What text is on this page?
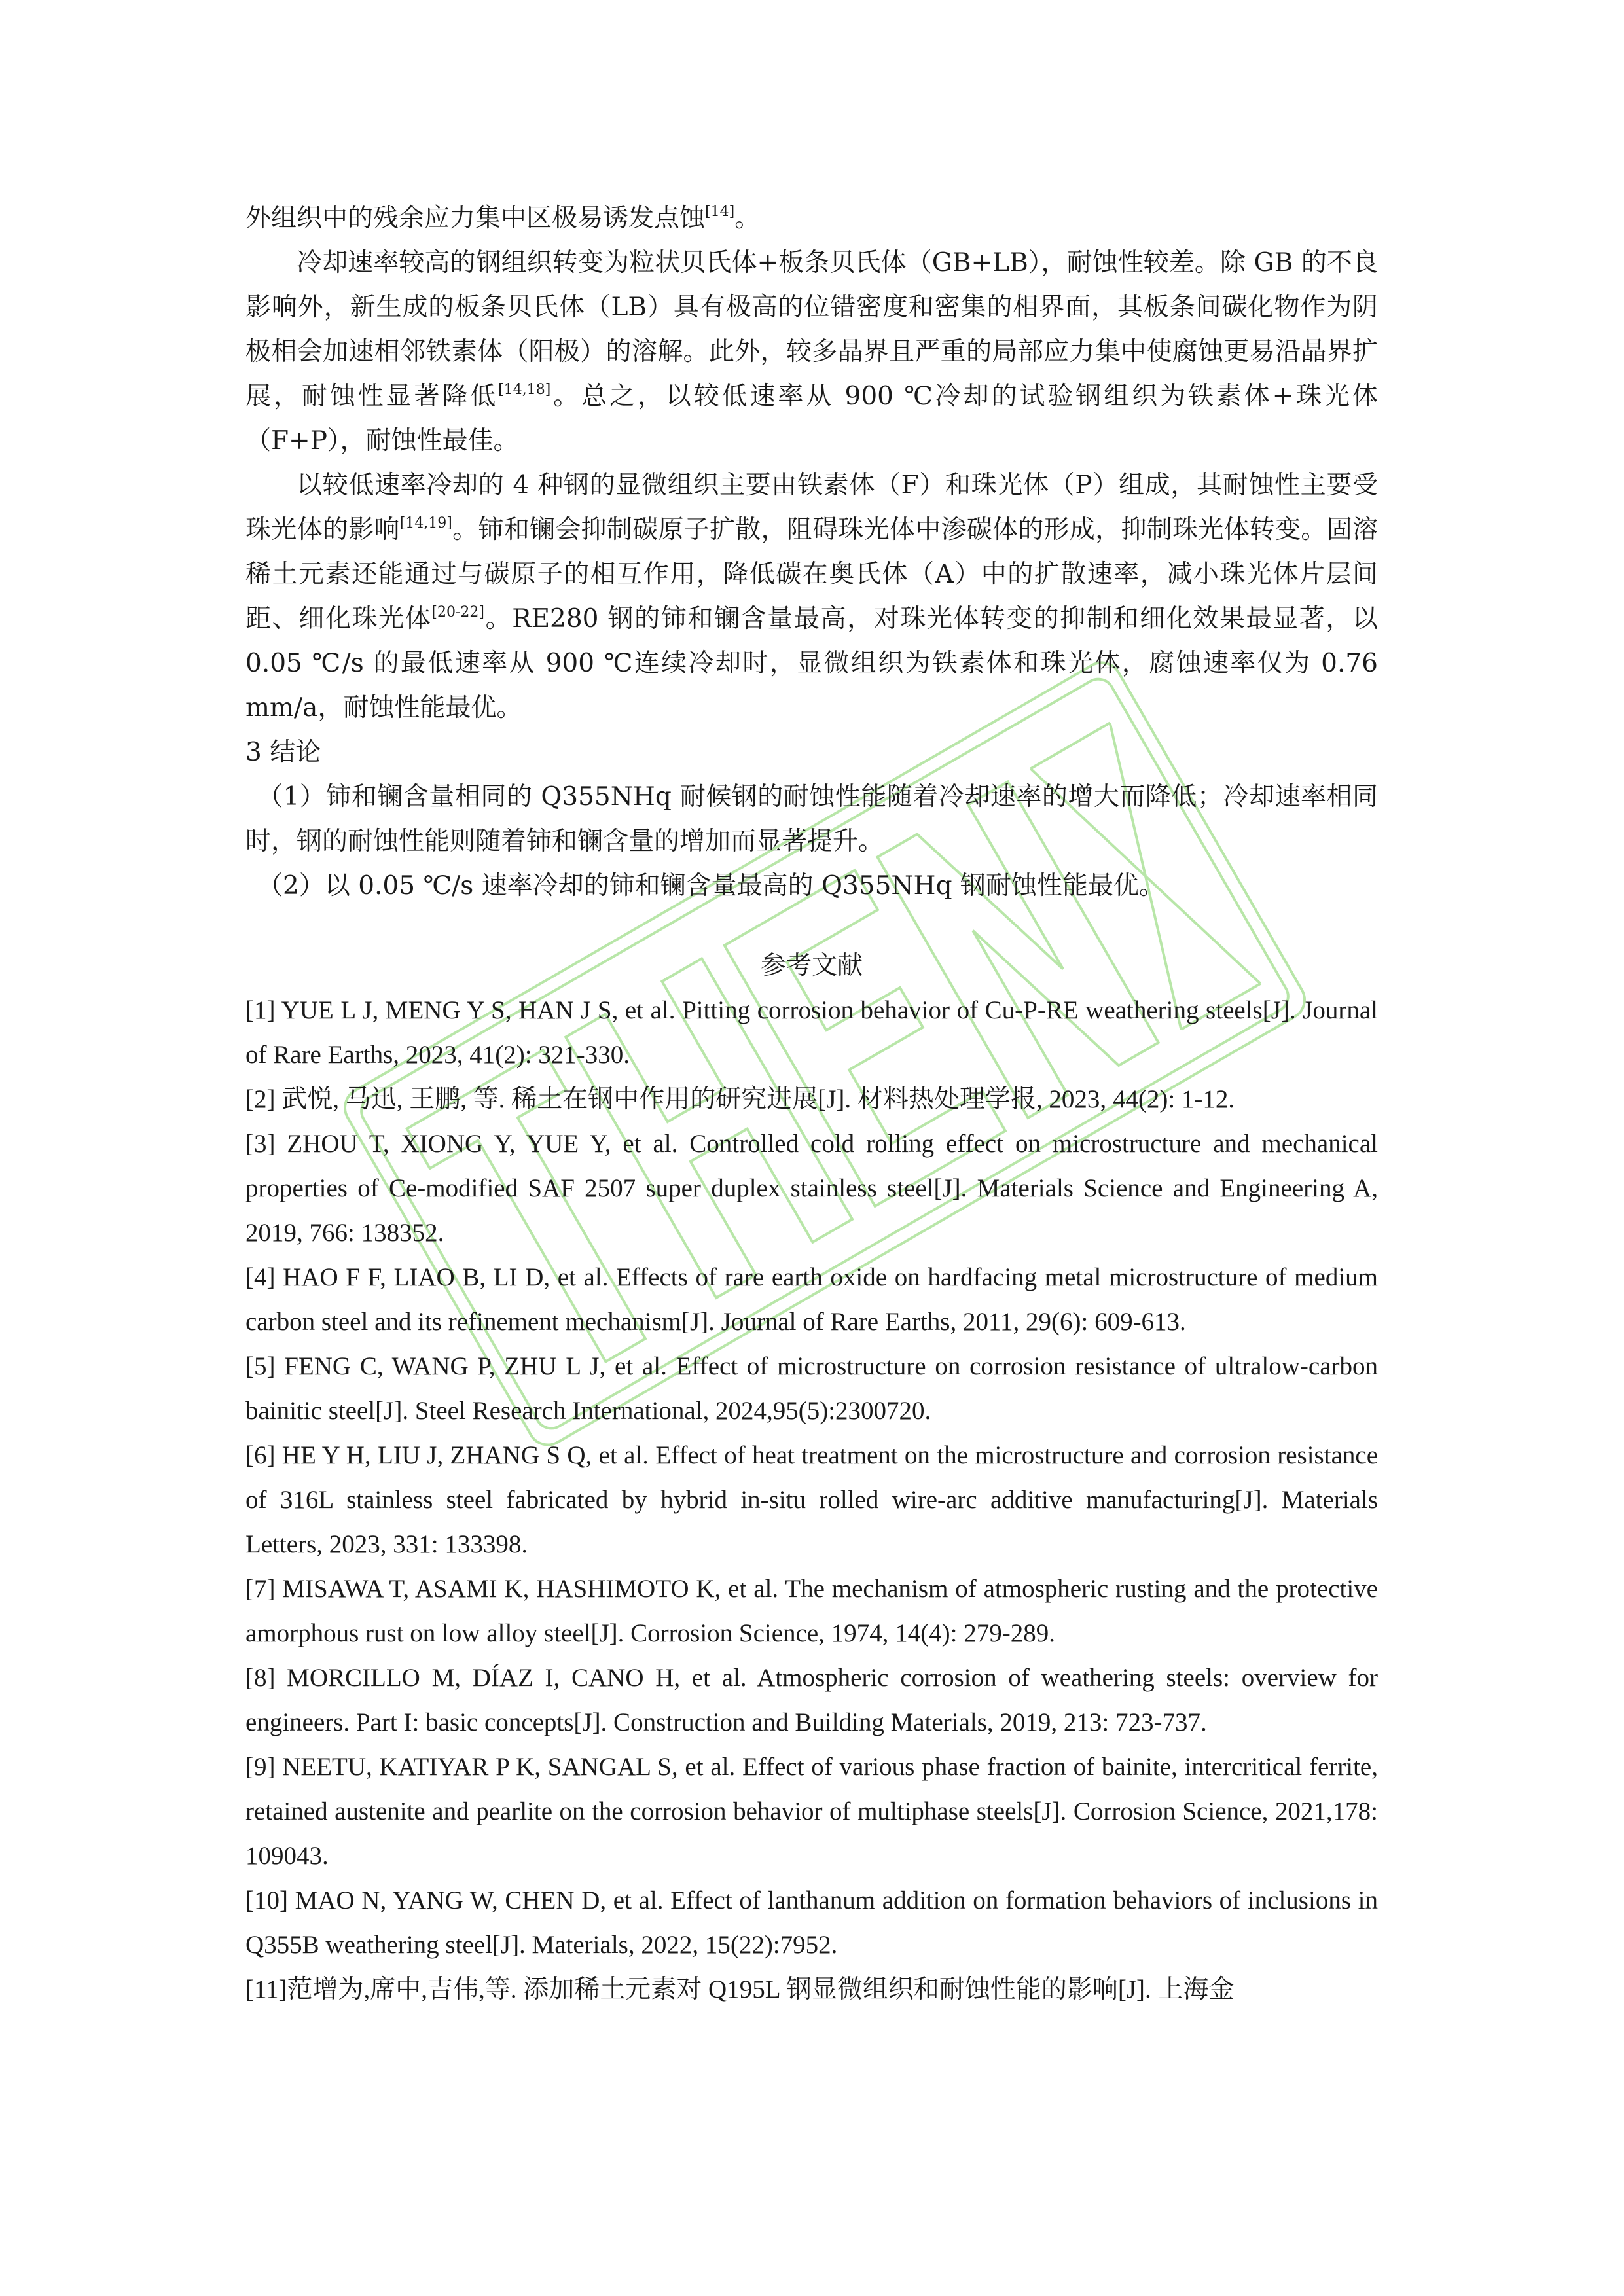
外组织中的残余应力集中区极易诱发点蚀[14]。

冷却速率较高的钢组织转变为粒状贝氏体+板条贝氏体（GB+LB），耐蚀性较差。除 GB 的不良影响外，新生成的板条贝氏体（LB）具有极高的位错密度和密集的相界面，其板条间碳化物作为阴极相会加速相邻铁素体（阳极）的溶解。此外，较多晶界且严重的局部应力集中使腐蚀更易沿晶界扩展，耐蚀性显著降低[14,18]。总之，以较低速率从 900 ℃冷却的试验钢组织为铁素体+珠光体（F+P），耐蚀性最佳。

以较低速率冷却的 4 种钢的显微组织主要由铁素体（F）和珠光体（P）组成，其耐蚀性主要受珠光体的影响[14,19]。铈和镧会抑制碳原子扩散，阻碍珠光体中渗碳体的形成，抑制珠光体转变。固溶稀土元素还能通过与碳原子的相互作用，降低碳在奥氏体（A）中的扩散速率，减小珠光体片层间距、细化珠光体[20-22]。RE280 钢的铈和镧含量最高，对珠光体转变的抑制和细化效果最显著，以 0.05 ℃/s 的最低速率从 900 ℃连续冷却时，显微组织为铁素体和珠光体，腐蚀速率仅为 0.76 mm/a，耐蚀性能最优。

3 结论

（1）铈和镧含量相同的 Q355NHq 耐候钢的耐蚀性能随着冷却速率的增大而降低；冷却速率相同时，钢的耐蚀性能则随着铈和镧含量的增加而显著提升。

（2）以 0.05 ℃/s 速率冷却的铈和镧含量最高的 Q355NHq 钢耐蚀性能最优。

参考文献

[1] YUE L J, MENG Y S, HAN J S, et al. Pitting corrosion behavior of Cu-P-RE weathering steels[J]. Journal of Rare Earths, 2023, 41(2): 321-330.

[2] 武悦, 马迅, 王鹏, 等. 稀土在钢中作用的研究进展[J]. 材料热处理学报, 2023, 44(2): 1-12.

[3] ZHOU T, XIONG Y, YUE Y, et al. Controlled cold rolling effect on microstructure and mechanical properties of Ce-modified SAF 2507 super duplex stainless steel[J]. Materials Science and Engineering A, 2019, 766: 138352.

[4] HAO F F, LIAO B, LI D, et al. Effects of rare earth oxide on hardfacing metal microstructure of medium carbon steel and its refinement mechanism[J]. Journal of Rare Earths, 2011, 29(6): 609-613.

[5] FENG C, WANG P, ZHU L J, et al. Effect of microstructure on corrosion resistance of ultralow‐carbon bainitic steel[J]. Steel Research International, 2024,95(5):2300720.

[6] HE Y H, LIU J, ZHANG S Q, et al. Effect of heat treatment on the microstructure and corrosion resistance of 316L stainless steel fabricated by hybrid in-situ rolled wire-arc additive manufacturing[J]. Materials Letters, 2023, 331: 133398.

[7] MISAWA T, ASAMI K, HASHIMOTO K, et al. The mechanism of atmospheric rusting and the protective amorphous rust on low alloy steel[J]. Corrosion Science, 1974, 14(4): 279-289.

[8] MORCILLO M, DÍAZ I, CANO H, et al. Atmospheric corrosion of weathering steels: overview for engineers. Part I: basic concepts[J]. Construction and Building Materials, 2019, 213: 723-737.

[9] NEETU, KATIYAR P K, SANGAL S, et al. Effect of various phase fraction of bainite, intercritical ferrite, retained austenite and pearlite on the corrosion behavior of multiphase steels[J]. Corrosion Science, 2021,178: 109043.

[10] MAO N, YANG W, CHEN D, et al. Effect of lanthanum addition on formation behaviors of inclusions in Q355B weathering steel[J]. Materials, 2022, 15(22):7952.

[11]范增为,席中,吉伟,等. 添加稀土元素对 Q195L 钢显微组织和耐蚀性能的影响[J]. 上海金
